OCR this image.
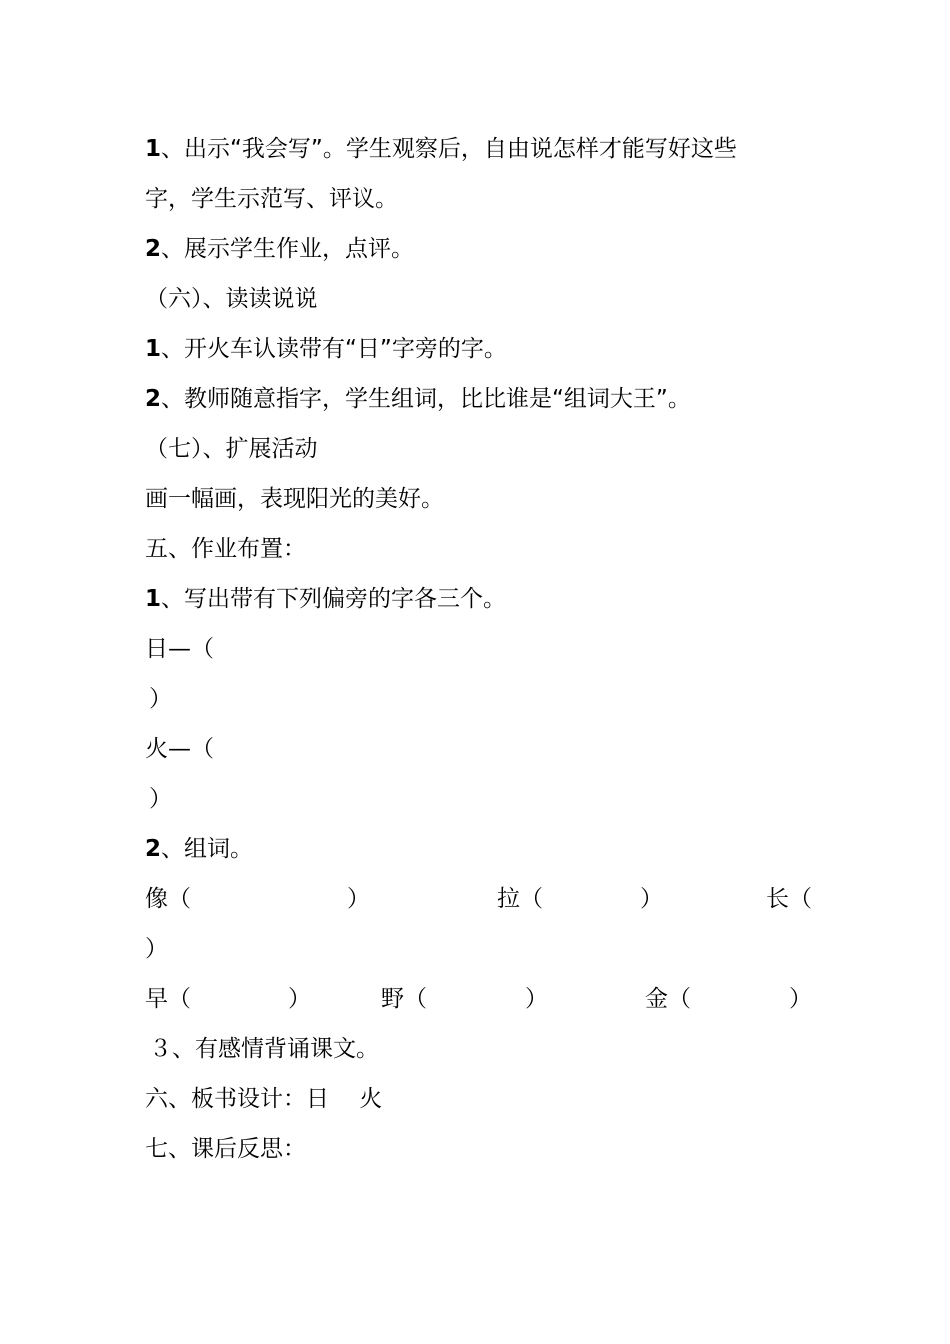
1、出示“我会写”。学生观察后，自由说怎样才能写好这些
字，学生示范写、评议。
2、展示学生作业，点评。
（六）、读读说说
1、开火车认读带有“日”字旁的字。
2、教师随意指字，学生组词，比比谁是“组词大王”。
（七）、扩展活动
画一幅画，表现阳光的美好。
五、作业布置：
1、写出带有下列偏旁的字各三个。
日—（
）
火—（
）
2、组词。
像（	）	拉（	）	长（
）
早（	）	野（	）	金（	）
３、有感情背诵课文。
六、板书设计：日　 火
七、课后反思：
